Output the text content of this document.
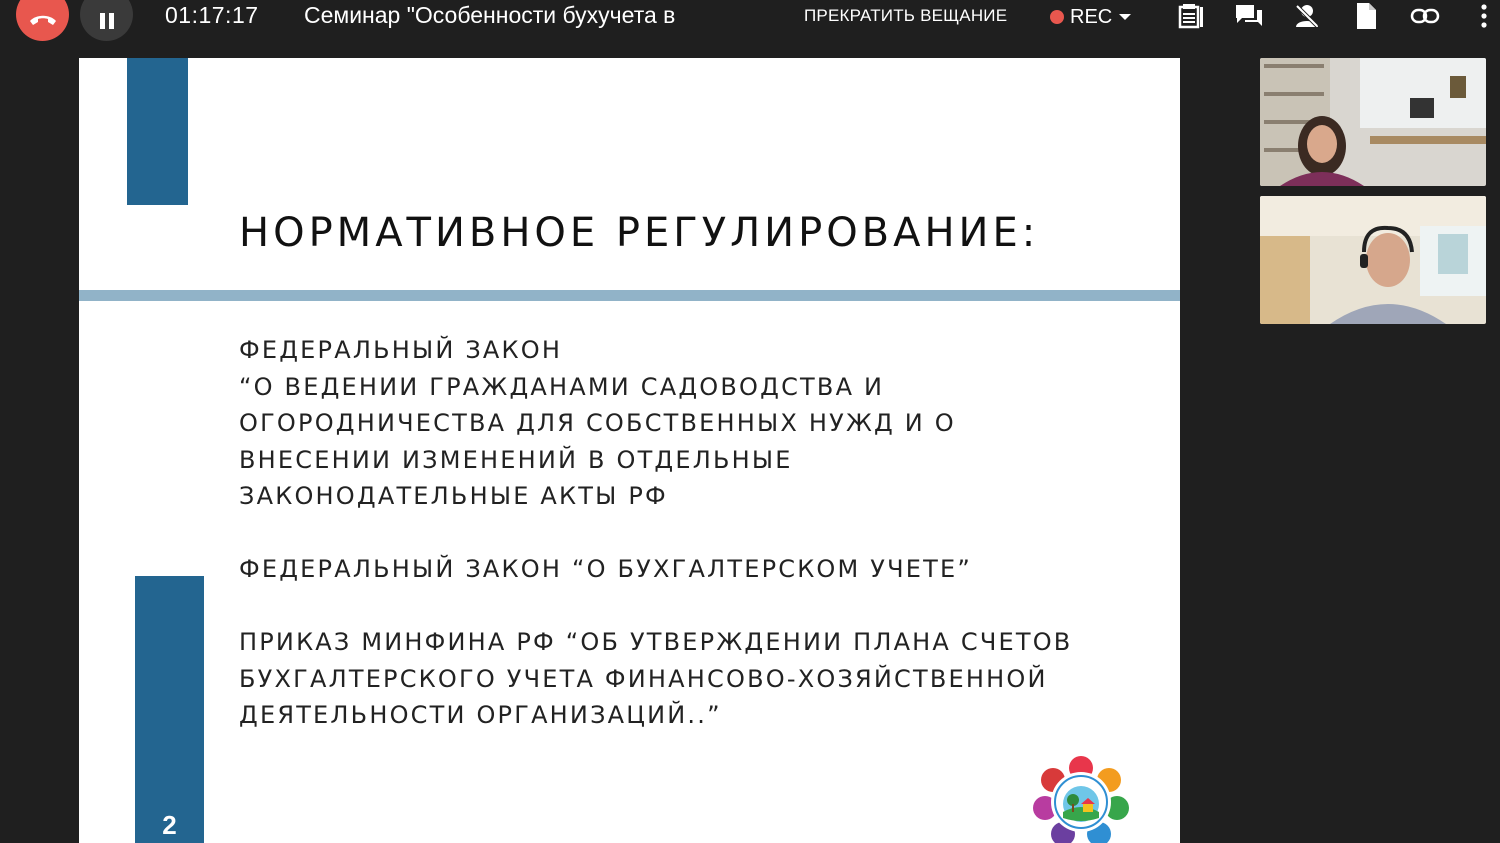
01:17:17 Семинар "Особенности бухучета в	ПРЕКРАТИТЬ ВЕЩАНИЕ	REC
НОРМАТИВНОЕ РЕГУЛИРОВАНИЕ:
ФЕДЕРАЛЬНЫЙ ЗАКОН
“О ВЕДЕНИИ ГРАЖДАНАМИ САДОВОДСТВА И
ОГОРОДНИЧЕСТВА ДЛЯ СОБСТВЕННЫХ НУЖД И О
ВНЕСЕНИИ ИЗМЕНЕНИЙ В ОТДЕЛЬНЫЕ
ЗАКОНОДАТЕЛЬНЫЕ АКТЫ РФ
ФЕДЕРАЛЬНЫЙ ЗАКОН “О БУХГАЛТЕРСКОМ УЧЕТЕ”
ПРИКАЗ МИНФИНА РФ “ОБ УТВЕРЖДЕНИИ ПЛАНА СЧЕТОВ
БУХГАЛТЕРСКОГО УЧЕТА ФИНАНСОВО-ХОЗЯЙСТВЕННОЙ
ДЕЯТЕЛЬНОСТИ ОРГАНИЗАЦИЙ..”
2
